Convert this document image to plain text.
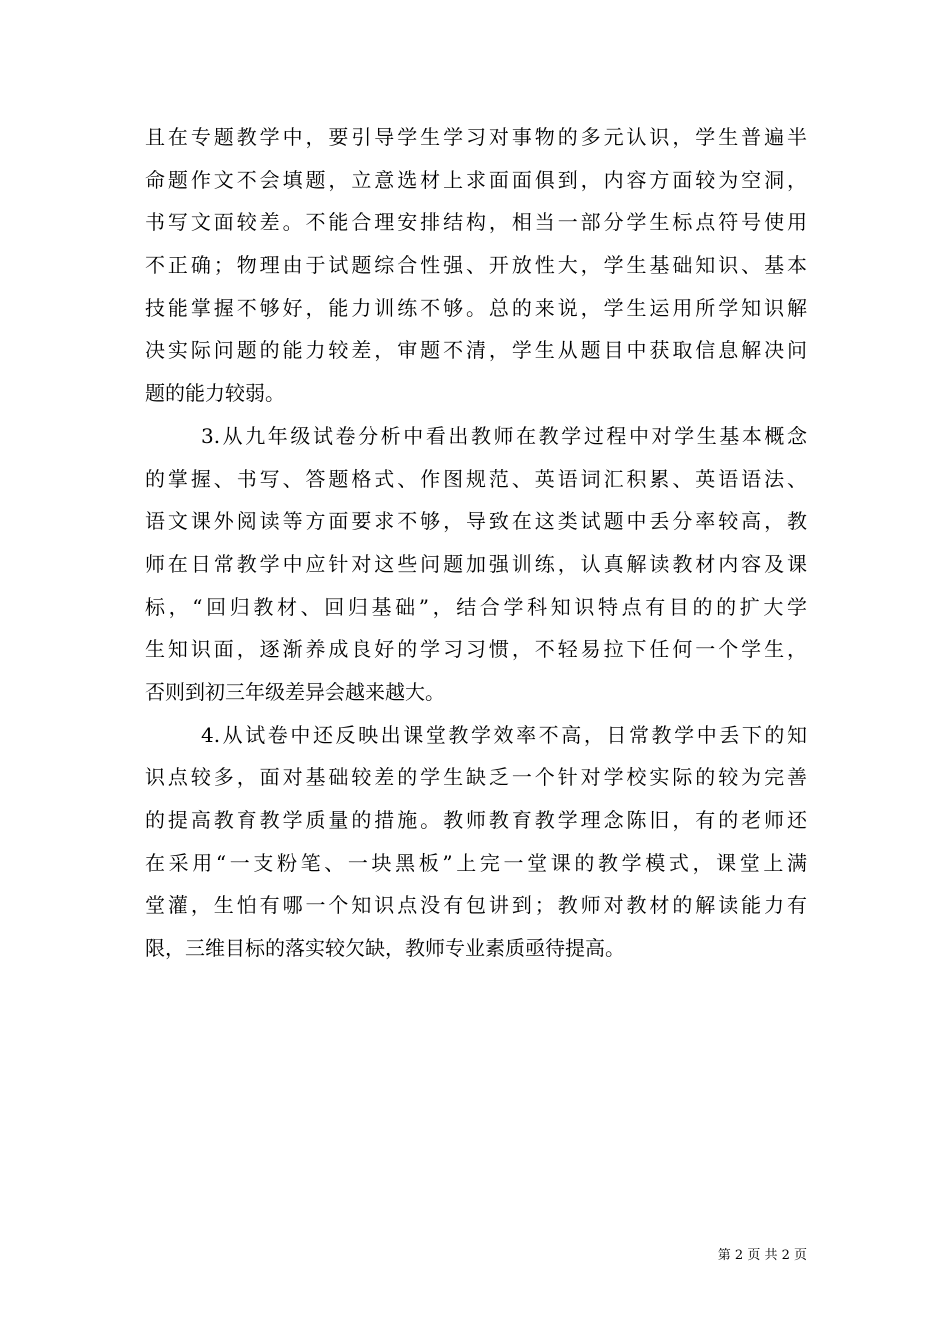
且在专题教学中，要引导学生学习对事物的多元认识，学生普遍半
命题作文不会填题，立意选材上求面面俱到，内容方面较为空洞，
书写文面较差。不能合理安排结构，相当一部分学生标点符号使用
不正确；物理由于试题综合性强、开放性大，学生基础知识、基本
技能掌握不够好，能力训练不够。总的来说，学生运用所学知识解
决实际问题的能力较差，审题不清，学生从题目中获取信息解决问
题的能力较弱。
3.从九年级试卷分析中看出教师在教学过程中对学生基本概念
的掌握、书写、答题格式、作图规范、英语词汇积累、英语语法、
语文课外阅读等方面要求不够，导致在这类试题中丢分率较高，教
师在日常教学中应针对这些问题加强训练，认真解读教材内容及课
标，“回归教材、回归基础”，结合学科知识特点有目的的扩大学
生知识面，逐渐养成良好的学习习惯，不轻易拉下任何一个学生，
否则到初三年级差异会越来越大。
4.从试卷中还反映出课堂教学效率不高，日常教学中丢下的知
识点较多，面对基础较差的学生缺乏一个针对学校实际的较为完善
的提高教育教学质量的措施。教师教育教学理念陈旧，有的老师还
在采用“一支粉笔、一块黑板”上完一堂课的教学模式，课堂上满
堂灌，生怕有哪一个知识点没有包讲到；教师对教材的解读能力有
限，三维目标的落实较欠缺，教师专业素质亟待提高。
第 2 页 共 2 页
